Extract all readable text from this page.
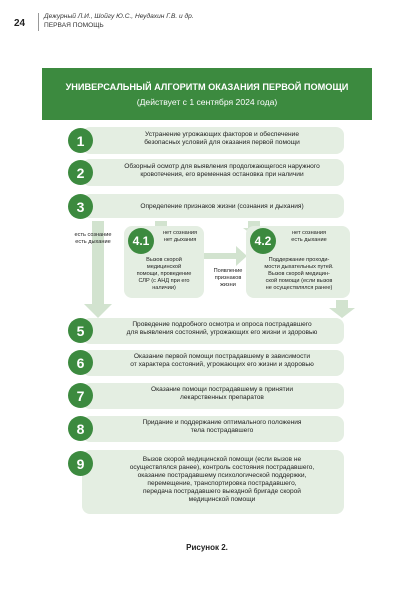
24
Дежурный Л.И., Шойгу Ю.С., Неудахин Г.В. и др.
ПЕРВАЯ ПОМОЩЬ
УНИВЕРСАЛЬНЫЙ АЛГОРИТМ ОКАЗАНИЯ ПЕРВОЙ ПОМОЩИ
(Действует с 1 сентября 2024 года)
1	Устранение угрожающих факторов и обеспечение
безопасных условий для оказания первой помощи
2	Обзорный осмотр для выявления продолжающегося наружного
кровотечения, его временная остановка при наличии
3	Определение признаков жизни (сознания и дыхания)
есть сознание
есть дыхание	4.1
нет сознания
нет дыхания
Вызов скорой
медицинской
помощи, проведение
СЛР (с АНД при его
наличии)
Появление
признаков
жизни
4.2
нет сознания
есть дыхание
Поддержание проходи-
мости дыхательных путей.
Вызов скорой медицин-
ской помощи (если вызов
не осуществлялся ранее)
5	Проведение подробного осмотра и опроса пострадавшего
для выявления состояний, угрожающих его жизни и здоровью
6	Оказание первой помощи пострадавшему в зависимости
от характера состояний, угрожающих его жизни и здоровью
7	Оказание помощи пострадавшему в принятии
лекарственных препаратов
8	Придание и поддержание оптимального положения
тела пострадавшего
9	Вызов скорой медицинской помощи (если вызов не
осуществлялся ранее), контроль состояния пострадавшего,
оказание пострадавшему психологической поддержки,
перемещение, транспортировка пострадавшего,
передача пострадавшего выездной бригаде скорой
медицинской помощи
Рисунок 2.
